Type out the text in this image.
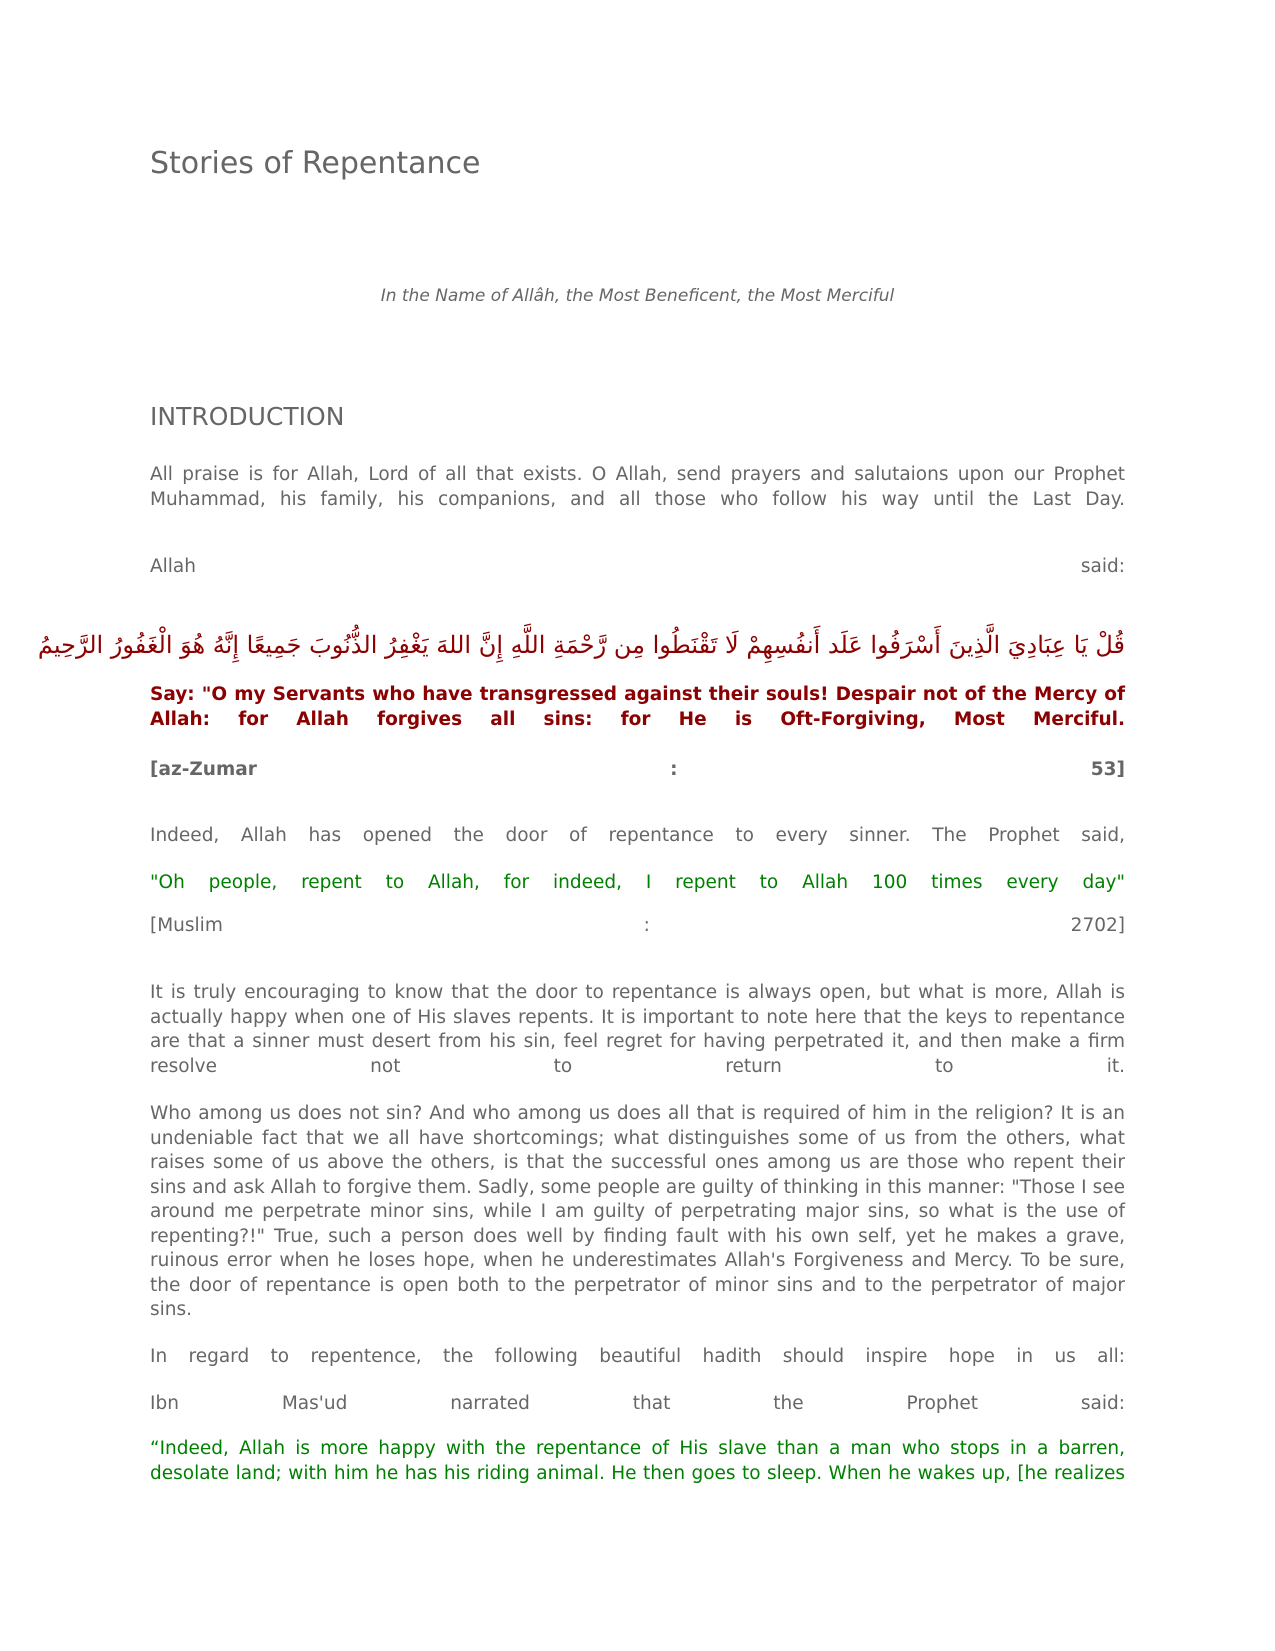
Stories of Repentance

In the Name of Allâh, the Most Beneficent, the Most Merciful

INTRODUCTION

All praise is for Allah, Lord of all that exists. O Allah, send prayers and salutaions upon our Prophet Muhammad, his family, his companions, and all those who follow his way until the Last Day.

Allah	said:

قُلْ يَا عِبَادِيَ الَّذِينَ أَسْرَفُوا عَلَد أَنفُسِهِمْ لَا تَقْنَطُوا مِن رَّحْمَةِ اللَّهِ إِنَّ اللهَ يَغْفِرُ الذُّنُوبَ جَمِيعًا إِنَّهُ هُوَ الْغَفُورُ الرَّحِيمُ

Say: "O my Servants who have transgressed against their souls! Despair not of the Mercy of Allah: for Allah forgives all sins: for He is Oft-Forgiving, Most Merciful.

[az-Zumar	:	53]

Indeed, Allah has opened the door of repentance to every sinner. The Prophet said,

"Oh people, repent to Allah, for indeed, I repent to Allah 100 times every day"

[Muslim	:	2702]

It is truly encouraging to know that the door to repentance is always open, but what is more, Allah is actually happy when one of His slaves repents. It is important to note here that the keys to repentance are that a sinner must desert from his sin, feel regret for having perpetrated it, and then make a firm resolve not to return to it.

Who among us does not sin? And who among us does all that is required of him in the religion? It is an undeniable fact that we all have shortcomings; what distinguishes some of us from the others, what raises some of us above the others, is that the successful ones among us are those who repent their sins and ask Allah to forgive them. Sadly, some people are guilty of thinking in this manner: "Those I see around me perpetrate minor sins, while I am guilty of perpetrating major sins, so what is the use of repenting?!" True, such a person does well by finding fault with his own self, yet he makes a grave, ruinous error when he loses hope, when he underestimates Allah's Forgiveness and Mercy. To be sure, the door of repentance is open both to the perpetrator of minor sins and to the perpetrator of major sins.

In regard to repentence, the following beautiful hadith should inspire hope in us all:

Ibn Mas'ud narrated that the Prophet said:

“Indeed, Allah is more happy with the repentance of His slave than a man who stops in a barren, desolate land; with him he has his riding animal. He then goes to sleep. When he wakes up, [he realizes
